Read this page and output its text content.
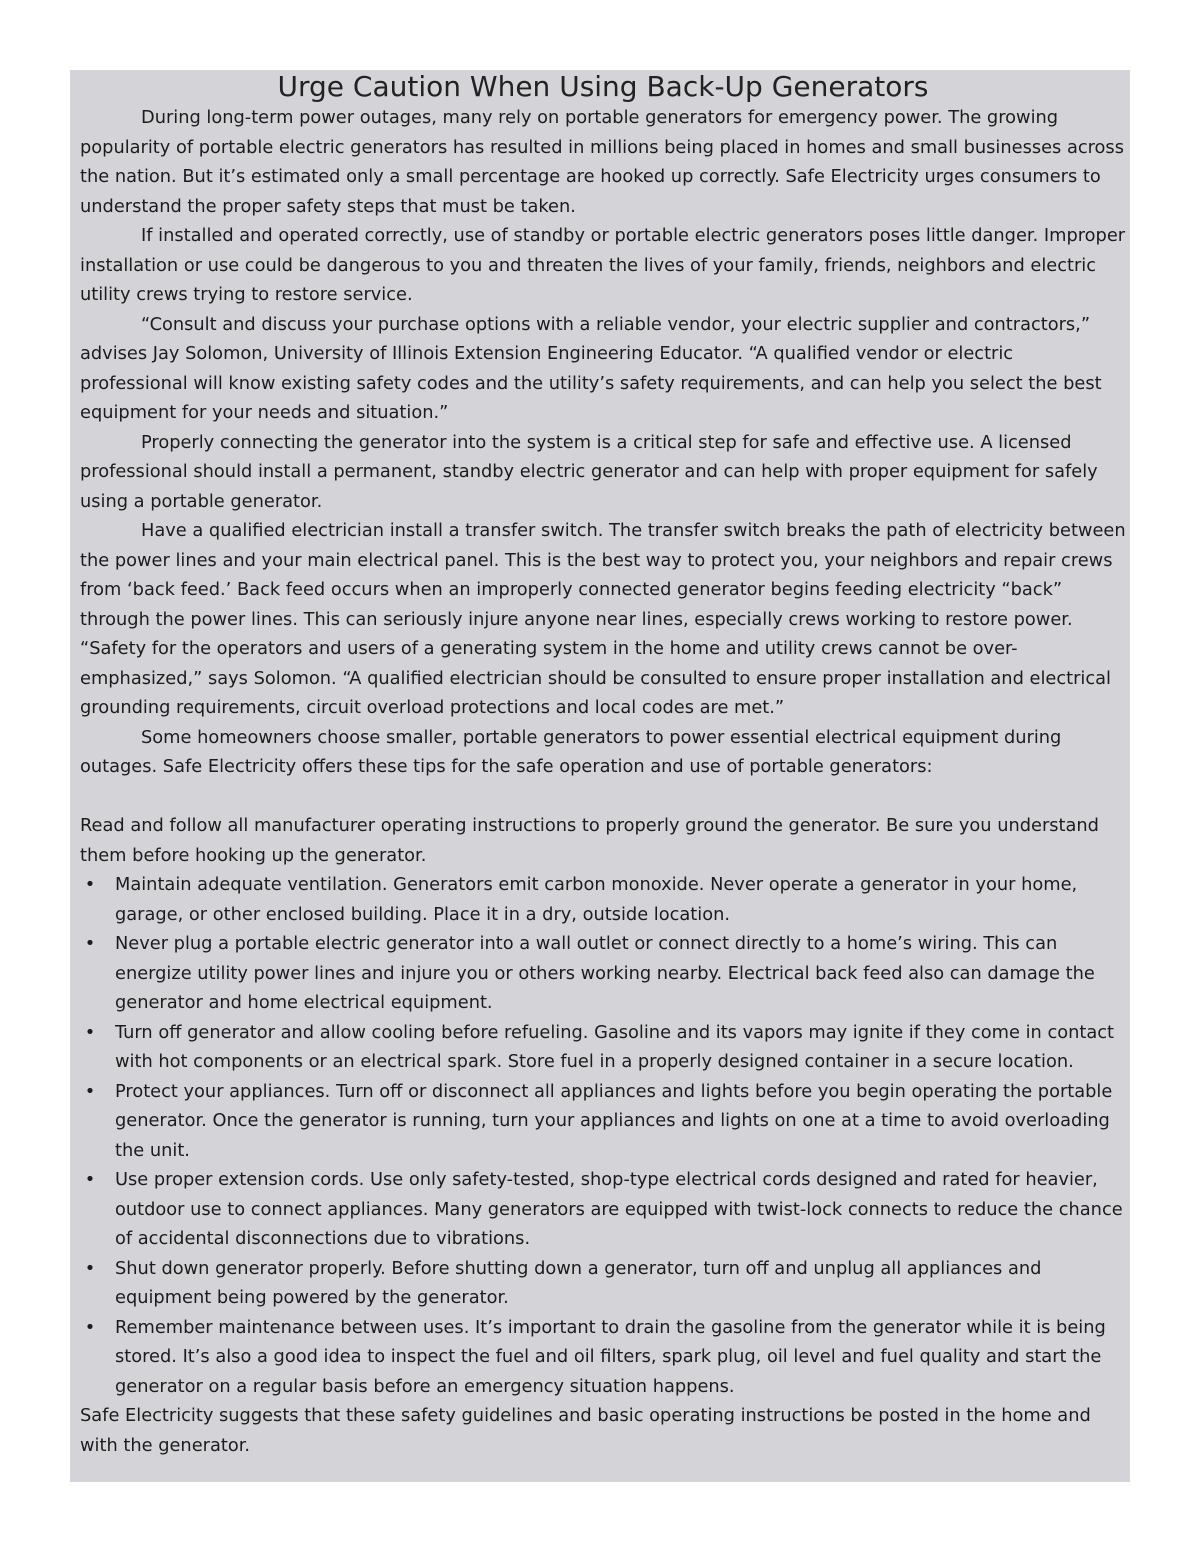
Urge Caution When Using Back-Up Generators

During long-term power outages, many rely on portable generators for emergency power. The growing popularity of portable electric generators has resulted in millions being placed in homes and small businesses across the nation. But it’s estimated only a small percentage are hooked up correctly. Safe Electricity urges consumers to understand the proper safety steps that must be taken.

If installed and operated correctly, use of standby or portable electric generators poses little danger. Improper installation or use could be dangerous to you and threaten the lives of your family, friends, neighbors and electric utility crews trying to restore service.

“Consult and discuss your purchase options with a reliable vendor, your electric supplier and contractors,” advises Jay Solomon, University of Illinois Extension Engineering Educator. “A qualified vendor or electric professional will know existing safety codes and the utility’s safety requirements, and can help you select the best equipment for your needs and situation.”

Properly connecting the generator into the system is a critical step for safe and effective use. A licensed professional should install a permanent, standby electric generator and can help with proper equipment for safely using a portable generator.

Have a qualified electrician install a transfer switch. The transfer switch breaks the path of electricity between the power lines and your main electrical panel. This is the best way to protect you, your neighbors and repair crews from ‘back feed.’ Back feed occurs when an improperly connected generator begins feeding electricity “back” through the power lines. This can seriously injure anyone near lines, especially crews working to restore power.

“Safety for the operators and users of a generating system in the home and utility crews cannot be over-emphasized,” says Solomon. “A qualified electrician should be consulted to ensure proper installation and electrical grounding requirements, circuit overload protections and local codes are met.”

Some homeowners choose smaller, portable generators to power essential electrical equipment during outages. Safe Electricity offers these tips for the safe operation and use of portable generators:

Read and follow all manufacturer operating instructions to properly ground the generator. Be sure you understand them before hooking up the generator.

• Maintain adequate ventilation. Generators emit carbon monoxide. Never operate a generator in your home, garage, or other enclosed building. Place it in a dry, outside location.
• Never plug a portable electric generator into a wall outlet or connect directly to a home’s wiring. This can energize utility power lines and injure you or others working nearby. Electrical back feed also can damage the generator and home electrical equipment.
• Turn off generator and allow cooling before refueling. Gasoline and its vapors may ignite if they come in contact with hot components or an electrical spark. Store fuel in a properly designed container in a secure location.
• Protect your appliances. Turn off or disconnect all appliances and lights before you begin operating the portable generator. Once the generator is running, turn your appliances and lights on one at a time to avoid overloading the unit.
• Use proper extension cords. Use only safety-tested, shop-type electrical cords designed and rated for heavier, outdoor use to connect appliances. Many generators are equipped with twist-lock connects to reduce the chance of accidental disconnections due to vibrations.
• Shut down generator properly. Before shutting down a generator, turn off and unplug all appliances and equipment being powered by the generator.
• Remember maintenance between uses. It’s important to drain the gasoline from the generator while it is being stored. It’s also a good idea to inspect the fuel and oil filters, spark plug, oil level and fuel quality and start the generator on a regular basis before an emergency situation happens.

Safe Electricity suggests that these safety guidelines and basic operating instructions be posted in the home and with the generator.
